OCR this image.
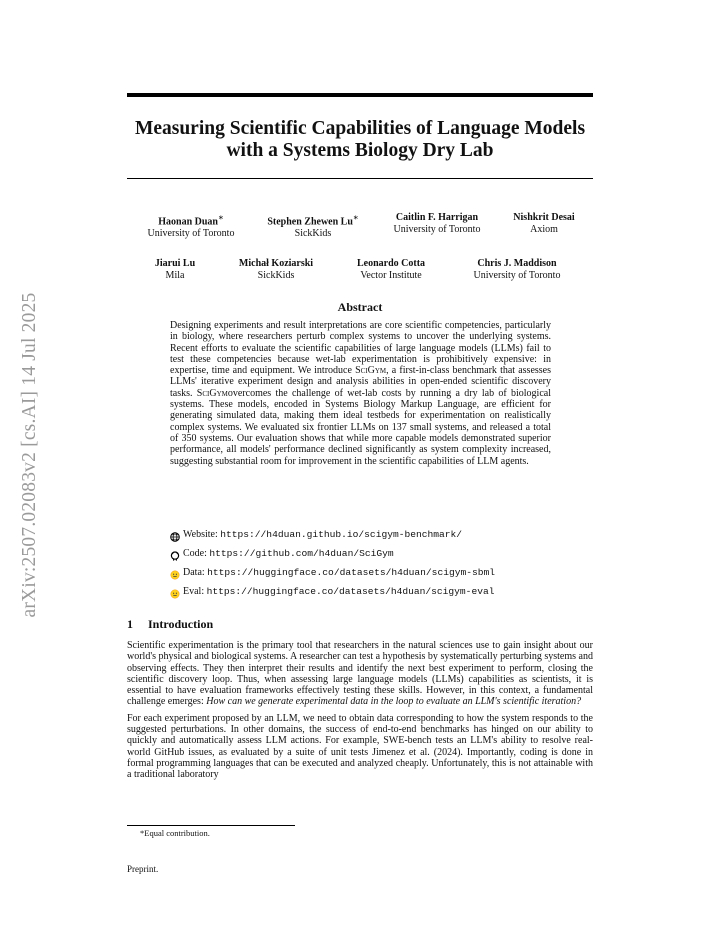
arXiv:2507.02083v2 [cs.AI] 14 Jul 2025
Measuring Scientific Capabilities of Language Models
with a Systems Biology Dry Lab
Haonan Duan∗
University of Toronto
Stephen Zhewen Lu∗
SickKids
Caitlin F. Harrigan
University of Toronto
Nishkrit Desai
Axiom
Jiarui Lu
Mila
Michał Koziarski
SickKids
Leonardo Cotta
Vector Institute
Chris J. Maddison
University of Toronto
Abstract

Designing experiments and result interpretations are core scientific competencies, particularly in biology, where researchers perturb complex systems to uncover the underlying systems. Recent efforts to evaluate the scientific capabilities of large language models (LLMs) fail to test these competencies because wet-lab experimentation is prohibitively expensive: in expertise, time and equipment. We introduce SciGym, a first-in-class benchmark that assesses LLMs' iterative experiment design and analysis abilities in open-ended scientific discovery tasks. SciGymovercomes the challenge of wet-lab costs by running a dry lab of biological systems. These models, encoded in Systems Biology Markup Language, are efficient for generating simulated data, making them ideal testbeds for experimentation on realistically complex systems. We evaluated six frontier LLMs on 137 small systems, and released a total of 350 systems. Our evaluation shows that while more capable models demonstrated superior performance, all models' performance declined significantly as system complexity increased, suggesting substantial room for improvement in the scientific capabilities of LLM agents.

Website:
https://h4duan.github.io/scigym-benchmark/
Code:
https://github.com/h4duan/SciGym
Data:
https://huggingface.co/datasets/h4duan/scigym-sbml
Eval:
https://huggingface.co/datasets/h4duan/scigym-eval
1 Introduction

Scientific experimentation is the primary tool that researchers in the natural sciences use to gain insight about our world's physical and biological systems. A researcher can test a hypothesis by systematically perturbing systems and observing effects. They then interpret their results and identify the next best experiment to perform, closing the scientific discovery loop. Thus, when assessing large language models (LLMs) capabilities as scientists, it is essential to have evaluation frameworks effectively testing these skills. However, in this context, a fundamental challenge emerges: How can we generate experimental data in the loop to evaluate an LLM's scientific iteration?

For each experiment proposed by an LLM, we need to obtain data corresponding to how the system responds to the suggested perturbations. In other domains, the success of end-to-end benchmarks has hinged on our ability to quickly and automatically assess LLM actions. For example, SWE-bench tests an LLM's ability to resolve real-world GitHub issues, as evaluated by a suite of unit tests Jimenez et al. (2024). Importantly, coding is done in formal programming languages that can be executed and analyzed cheaply. Unfortunately, this is not attainable with a traditional laboratory

*Equal contribution.
Preprint.
